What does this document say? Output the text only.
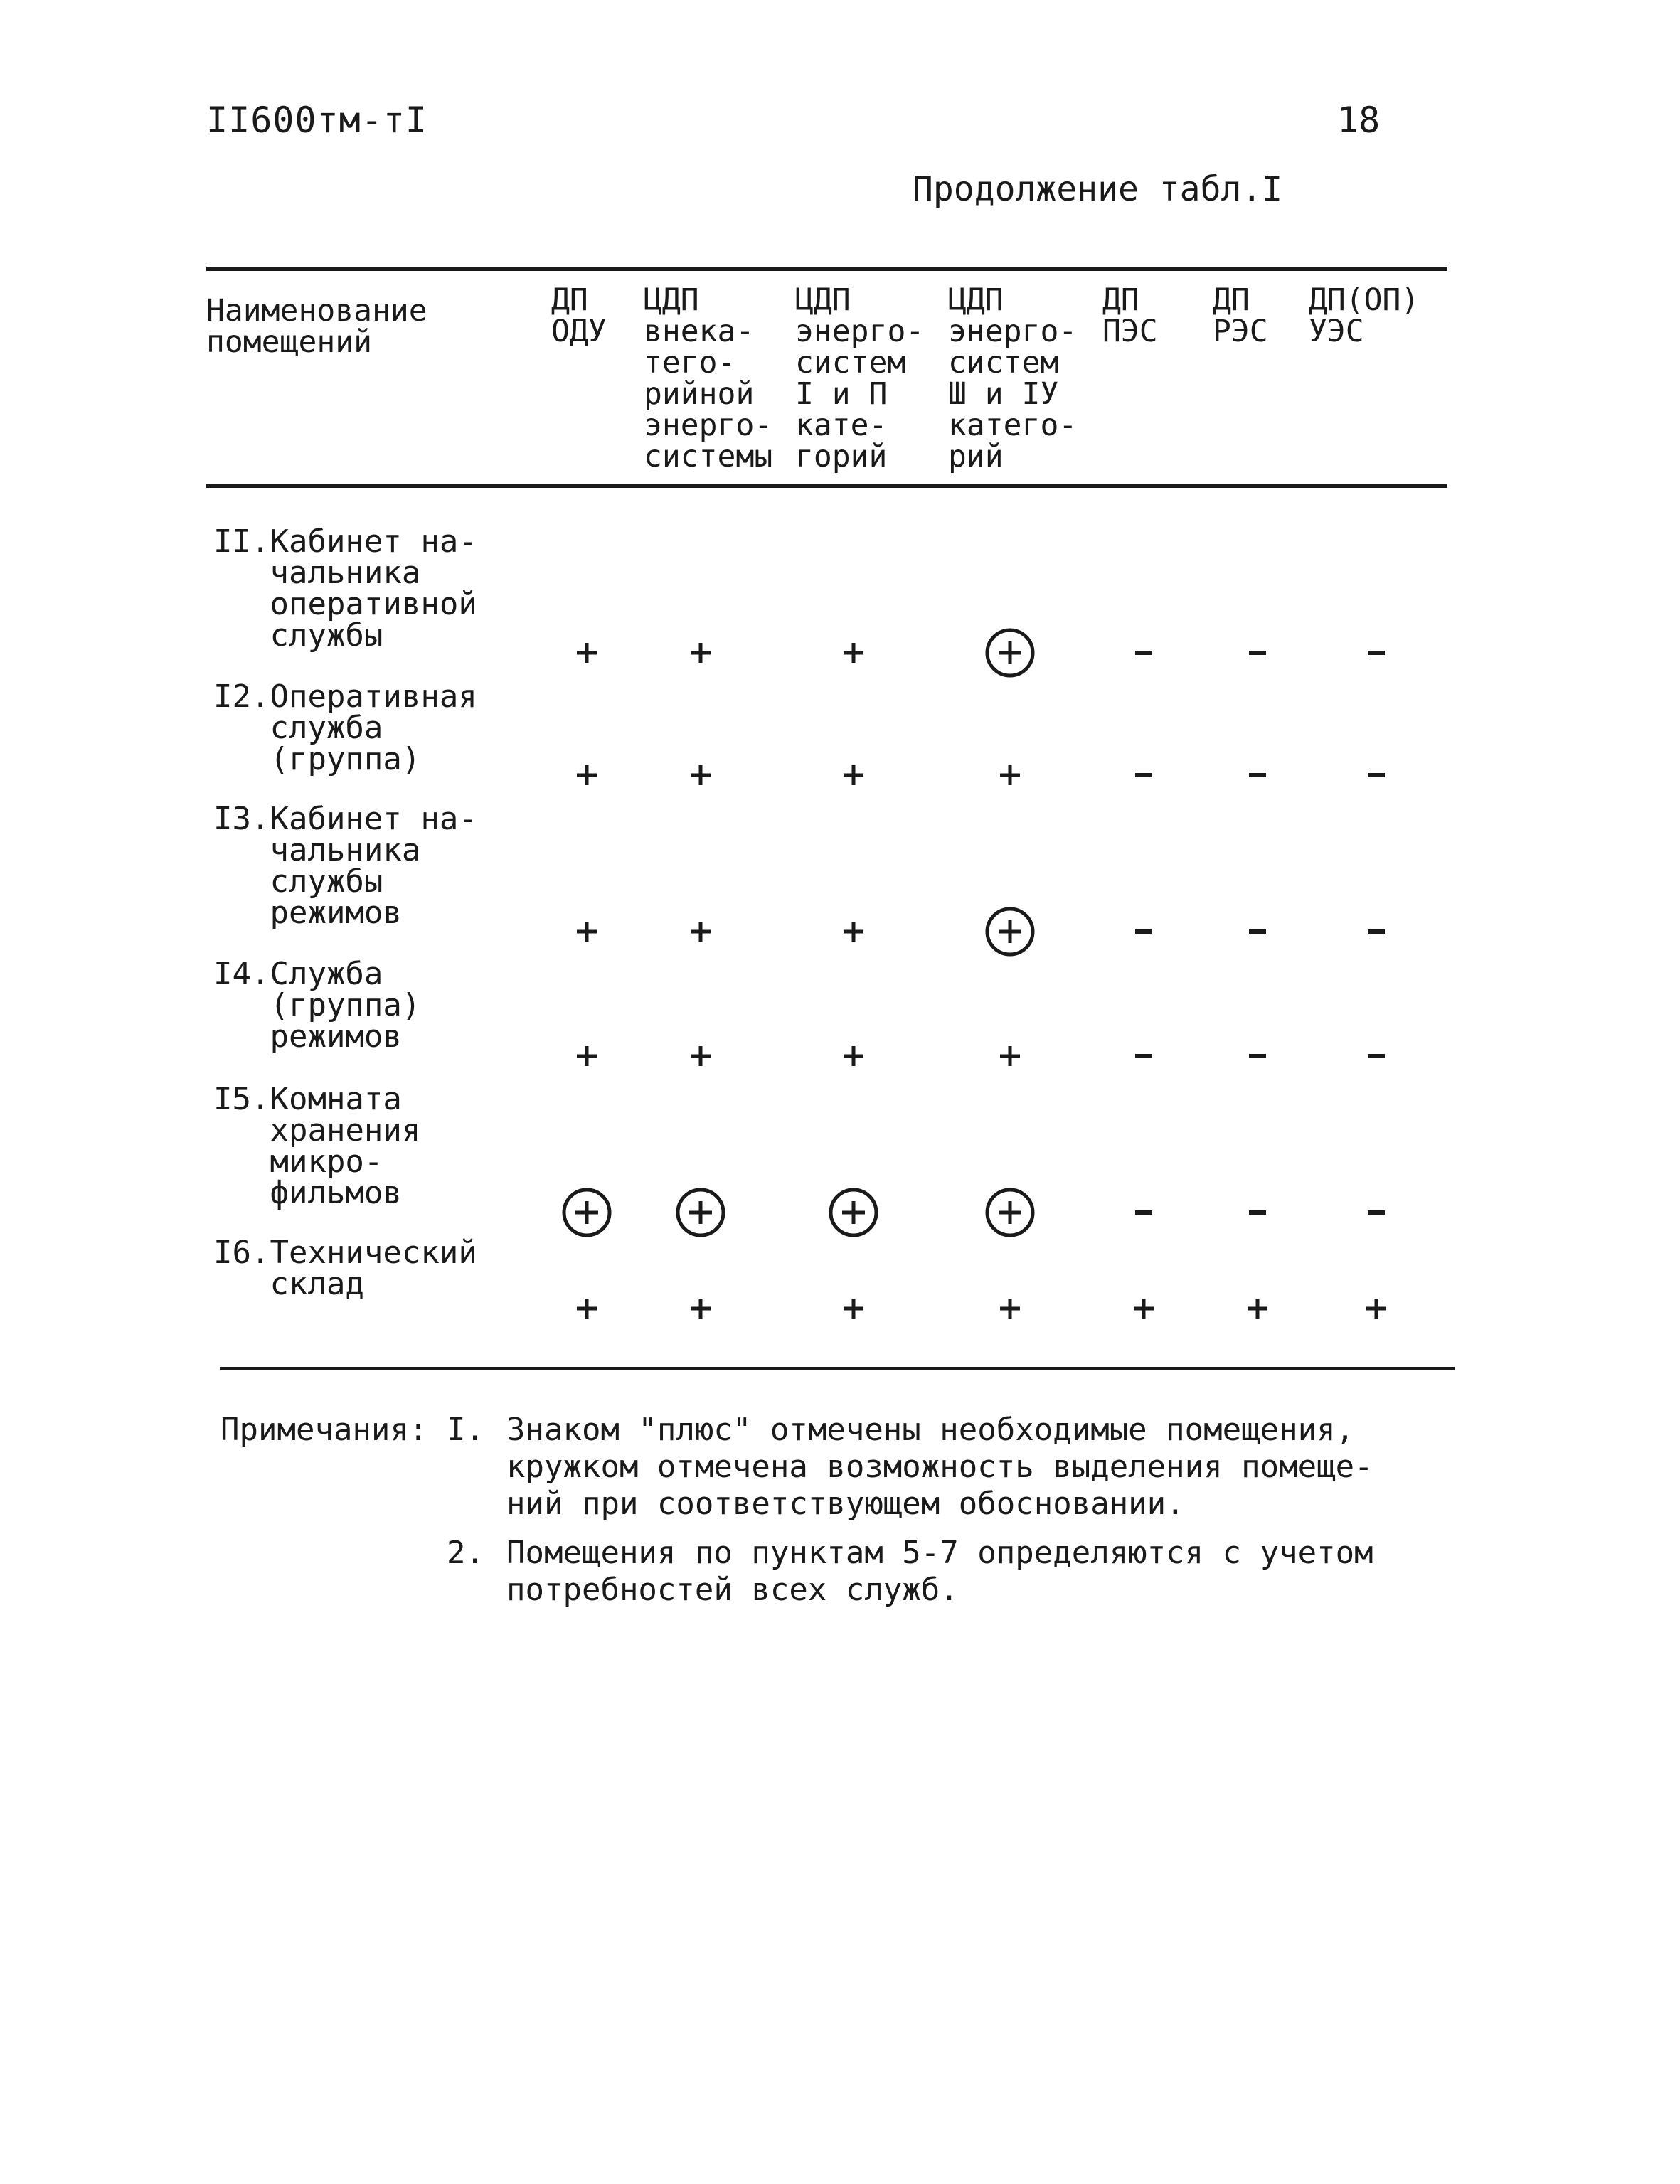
II600тм-тI	18
Продолжение табл.I
Наименование
помещений
ДП
ОДУ
ЦДП
внека-
тего-
рийной
энерго-
системы
ЦДП
энерго-
систем
I и П
кате-
горий
ЦДП
энерго-
систем
Ш и IУ
катего-
рий
ДП
ПЭС
ДП
РЭС
ДП(ОП)
УЭС
II.Кабинет на-
чальника
оперативной
службы
I2.Оперативная
служба
(группа)
I3.Кабинет на-
чальника
службы
режимов
I4.Служба
(группа)
режимов
I5.Комната
хранения
микро-
фильмов
I6.Технический
склад
Примечания: I. Знаком "плюс" отмечены необходимые помещения,
кружком отмечена возможность выделения помеще-
ний при соответствующем обосновании.
2. Помещения по пунктам 5-7 определяются с учетом
потребностей всех служб.
